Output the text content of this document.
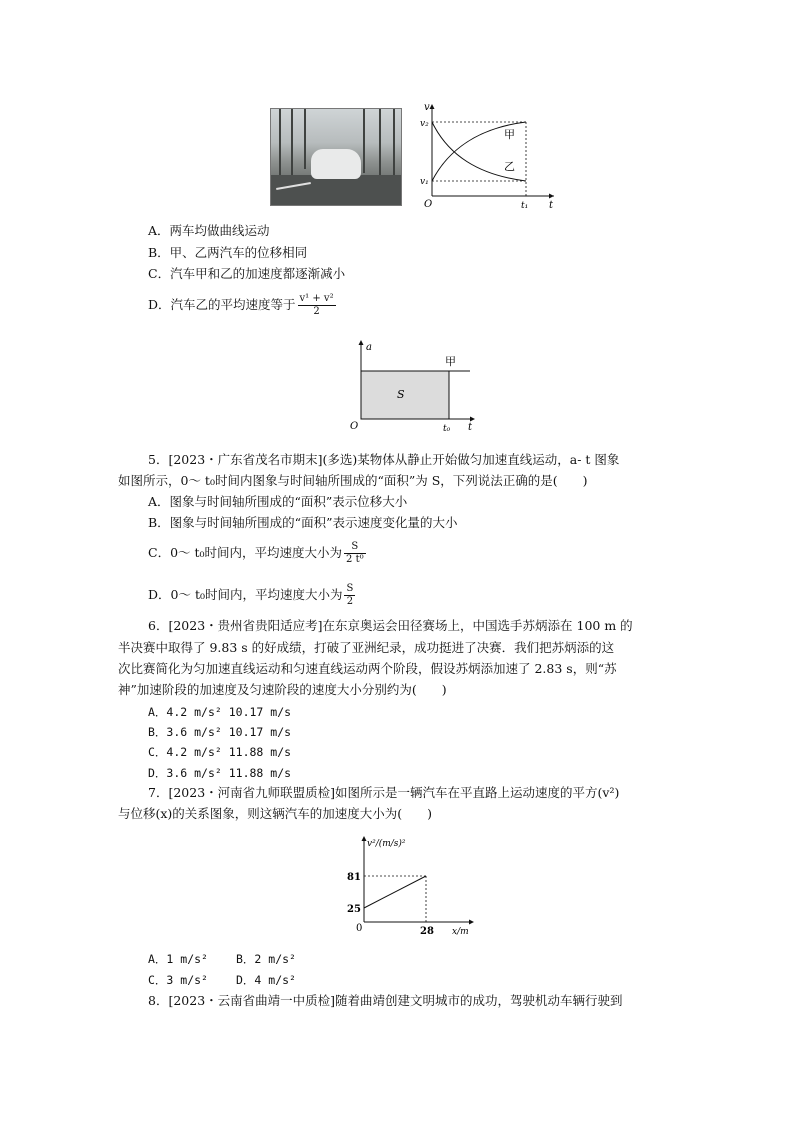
v
t
O
v₂
v₁
t₁
甲
乙
A．两车均做曲线运动
B．甲、乙两汽车的位移相同
C．汽车甲和乙的加速度都逐渐减小
D．汽车乙的平均速度等于 $\frac{\text{v¹ + v²}}{2}$
a
t
O	t₀
S
甲
5．[2023・广东省茂名市期末](多选)某物体从静止开始做匀加速直线运动，a- t 图象
如图所示，0～ t₀时间内图象与时间轴所围成的“面积”为 S，下列说法正确的是(　　)
A．图象与时间轴所围成的“面积”表示位移大小
B．图象与时间轴所围成的“面积”表示速度变化量的大小
C．0～ t₀时间内，平均速度大小为 $\frac{S}{\text{2 t⁰}}$
D．0～ t₀时间内，平均速度大小为 $\frac{S}{2}$
6．[2023・贵州省贵阳适应考]在东京奥运会田径赛场上，中国选手苏炳添在 100 m 的
半决赛中取得了 9.83 s 的好成绩，打破了亚洲纪录，成功挺进了决赛．我们把苏炳添的这
次比赛简化为匀加速直线运动和匀速直线运动两个阶段，假设苏炳添加速了 2.83 s，则“苏
神”加速阶段的加速度及匀速阶段的速度大小分别约为(　　)
A．4.2 m/s² 10.17 m/s
B．3.6 m/s² 10.17 m/s
C．4.2 m/s² 11.88 m/s
D．3.6 m/s² 11.88 m/s
7．[2023・河南省九师联盟质检]如图所示是一辆汽车在平直路上运动速度的平方(v²)
与位移(x)的关系图象，则这辆汽车的加速度大小为(　　)
v²/(m/s)²
x/m
0
81
25
28
A．1 m/s² B．2 m/s²
C．3 m/s² D．4 m/s²
8．[2023・云南省曲靖一中质检]随着曲靖创建文明城市的成功，驾驶机动车辆行驶到
